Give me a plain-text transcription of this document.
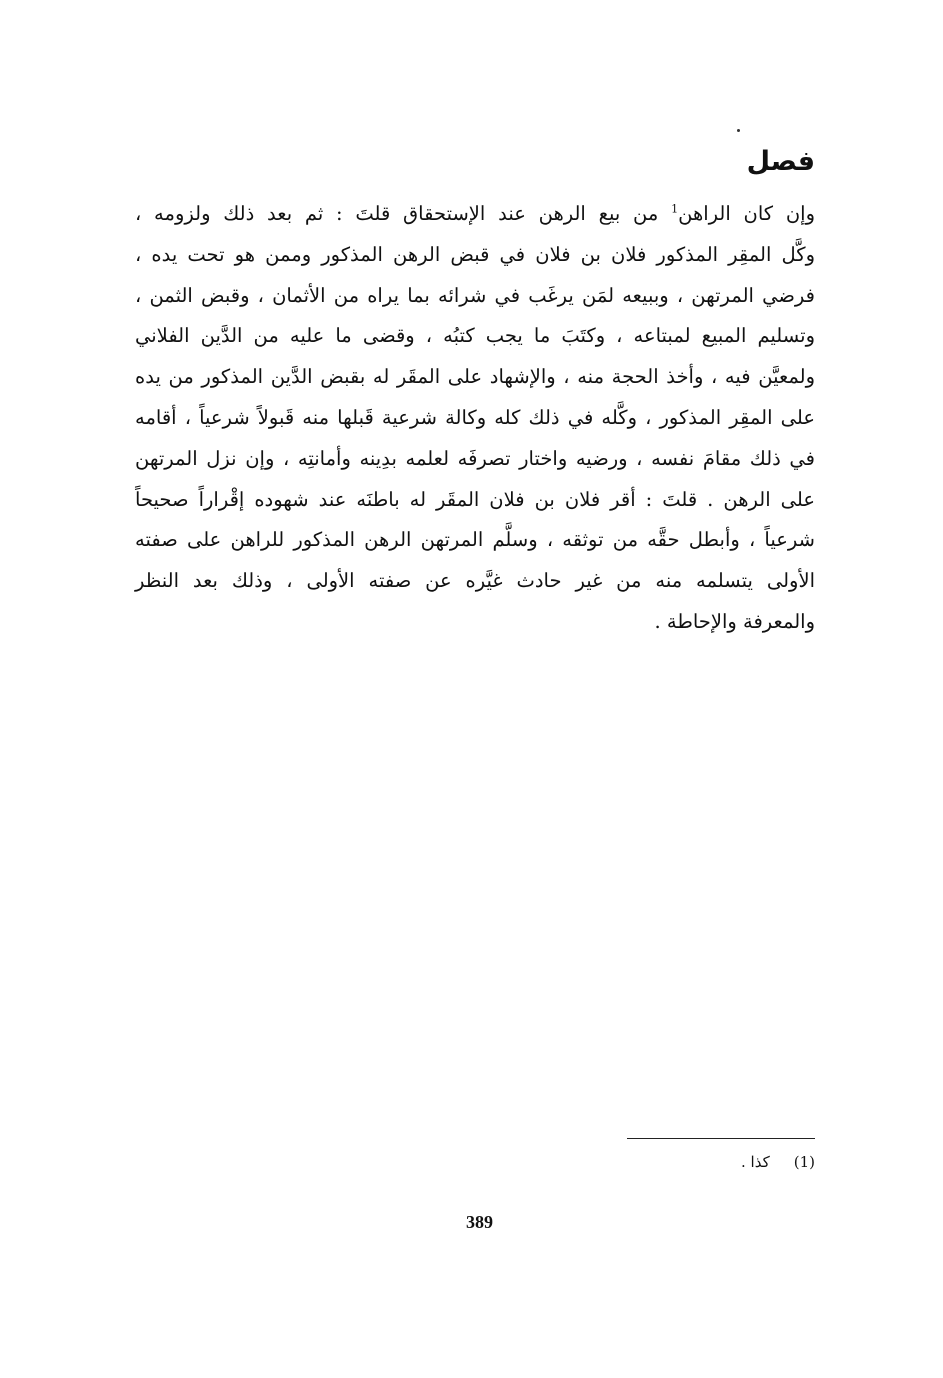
فصل
وإن كان الراهن$^1$ من بيع الرهن عند الإستحقاق قلتَ : ثم بعد ذلك ولزومه ،
وكَّل المقِر المذكور فلان بن فلان في قبض الرهن المذكور وممن هو تحت يده ،
فرضي المرتهن ، وببيعه لمَن يرغَب في شرائه بما يراه من الأثمان ، وقبض الثمن ،
وتسليم المبيع لمبتاعه ، وكتَبَ ما يجب كتبُه ، وقضى ما عليه من الدَّين الفلاني
ولمعيَّن فيه ، وأخذ الحجة منه ، والإشهاد على المقَر له بقبض الدَّين المذكور من يده
على المقِر المذكور ، وكَّله في ذلك كله وكالة شرعية قَبلها منه قَبولاً شرعياً ، أقامه
في ذلك مقامَ نفسه ، ورضيه واختار تصرفَه لعلمه بدِينه وأمانتِه ، وإن نزل المرتهن
على الرهن . قلتَ : أقر فلان بن فلان المقَر له باطنَه عند شهوده إقْراراً صحيحاً
شرعياً ، وأبطل حقَّه من توثقه ، وسلَّم المرتهن الرهن المذكور للراهن على صفته
الأولى يتسلمه منه من غير حادث غيَّره عن صفته الأولى ، وذلك بعد النظر
والمعرفة والإحاطة .
(1)كذا .
389
